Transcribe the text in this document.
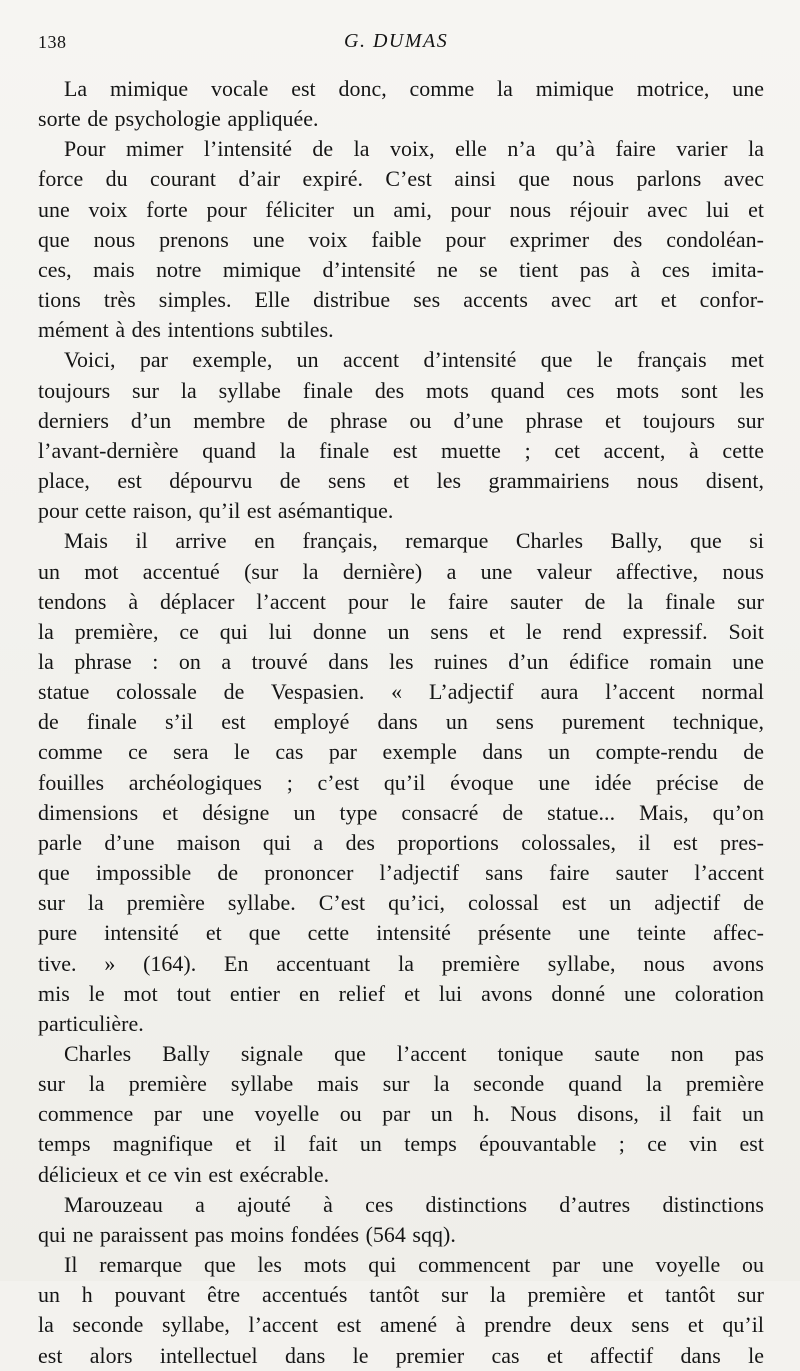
138	G. DUMAS

La mimique vocale est donc, comme la mimique motrice, une
sorte de psychologie appliquée.

Pour mimer l’intensité de la voix, elle n’a qu’à faire varier la
force du courant d’air expiré. C’est ainsi que nous parlons avec
une voix forte pour féliciter un ami, pour nous réjouir avec lui et
que nous prenons une voix faible pour exprimer des condoléan-
ces, mais notre mimique d’intensité ne se tient pas à ces imita-
tions très simples. Elle distribue ses accents avec art et confor-
mément à des intentions subtiles.

Voici, par exemple, un accent d’intensité que le français met
toujours sur la syllabe finale des mots quand ces mots sont les
derniers d’un membre de phrase ou d’une phrase et toujours sur
l’avant-dernière quand la finale est muette ; cet accent, à cette
place, est dépourvu de sens et les grammairiens nous disent,
pour cette raison, qu’il est asémantique.

Mais il arrive en français, remarque Charles Bally, que si
un mot accentué (sur la dernière) a une valeur affective, nous
tendons à déplacer l’accent pour le faire sauter de la finale sur
la première, ce qui lui donne un sens et le rend expressif. Soit
la phrase : on a trouvé dans les ruines d’un édifice romain une
statue colossale de Vespasien. « L’adjectif aura l’accent normal
de finale s’il est employé dans un sens purement technique,
comme ce sera le cas par exemple dans un compte-rendu de
fouilles archéologiques ; c’est qu’il évoque une idée précise de
dimensions et désigne un type consacré de statue... Mais, qu’on
parle d’une maison qui a des proportions colossales, il est pres-
que impossible de prononcer l’adjectif sans faire sauter l’accent
sur la première syllabe. C’est qu’ici, colossal est un adjectif de
pure intensité et que cette intensité présente une teinte affec-
tive. » (164). En accentuant la première syllabe, nous avons
mis le mot tout entier en relief et lui avons donné une coloration
particulière.

Charles Bally signale que l’accent tonique saute non pas
sur la première syllabe mais sur la seconde quand la première
commence par une voyelle ou par un h. Nous disons, il fait un
temps magnifique et il fait un temps épouvantable ; ce vin est
délicieux et ce vin est exécrable.

Marouzeau a ajouté à ces distinctions d’autres distinctions
qui ne paraissent pas moins fondées (564 sqq).

Il remarque que les mots qui commencent par une voyelle ou
un h pouvant être accentués tantôt sur la première et tantôt sur
la seconde syllabe, l’accent est amené à prendre deux sens et qu’il
est alors intellectuel dans le premier cas et affectif dans le
